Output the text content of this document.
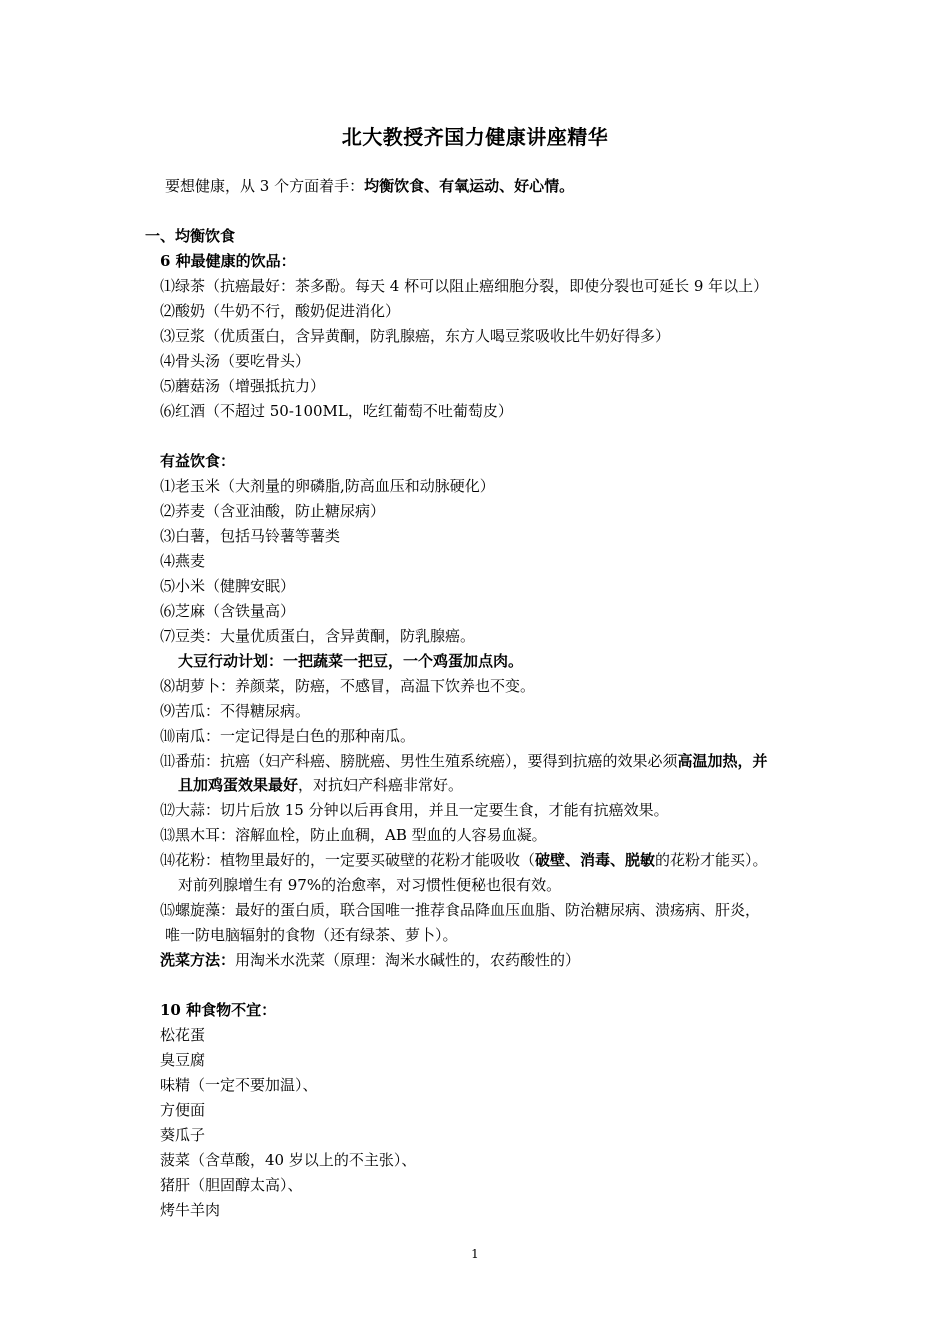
北大教授齐国力健康讲座精华
要想健康，从 3 个方面着手：均衡饮食、有氧运动、好心情。
一、均衡饮食
6 种最健康的饮品：
⑴绿茶（抗癌最好：茶多酚。每天 4 杯可以阻止癌细胞分裂，即使分裂也可延长 9 年以上）
⑵酸奶（牛奶不行，酸奶促进消化）
⑶豆浆（优质蛋白，含异黄酮，防乳腺癌，东方人喝豆浆吸收比牛奶好得多）
⑷骨头汤（要吃骨头）
⑸蘑菇汤（增强抵抗力）
⑹红酒（不超过 50-100ML，吃红葡萄不吐葡萄皮）
有益饮食：
⑴老玉米（大剂量的卵磷脂,防高血压和动脉硬化）
⑵荞麦（含亚油酸，防止糖尿病）
⑶白薯，包括马铃薯等薯类
⑷燕麦
⑸小米（健脾安眠）
⑹芝麻（含铁量高）
⑺豆类：大量优质蛋白，含异黄酮，防乳腺癌。
大豆行动计划：一把蔬菜一把豆，一个鸡蛋加点肉。
⑻胡萝卜：养颜菜，防癌，不感冒，高温下饮养也不变。
⑼苦瓜：不得糖尿病。
⑽南瓜：一定记得是白色的那种南瓜。
⑾番茄：抗癌（妇产科癌、膀胱癌、男性生殖系统癌），要得到抗癌的效果必须高温加热，并
且加鸡蛋效果最好，对抗妇产科癌非常好。
⑿大蒜：切片后放 15 分钟以后再食用，并且一定要生食，才能有抗癌效果。
⒀黑木耳：溶解血栓，防止血稠，AB 型血的人容易血凝。
⒁花粉：植物里最好的，一定要买破壁的花粉才能吸收（破壁、消毒、脱敏的花粉才能买）。
对前列腺增生有 97%的治愈率，对习惯性便秘也很有效。
⒂螺旋藻：最好的蛋白质，联合国唯一推荐食品降血压血脂、防治糖尿病、溃疡病、肝炎，
唯一防电脑辐射的食物（还有绿茶、萝卜）。
洗菜方法：用淘米水洗菜（原理：淘米水碱性的，农药酸性的）
10 种食物不宜：
松花蛋
臭豆腐
味精（一定不要加温）、
方便面
葵瓜子
菠菜（含草酸，40 岁以上的不主张）、
猪肝（胆固醇太高）、
烤牛羊肉
1
